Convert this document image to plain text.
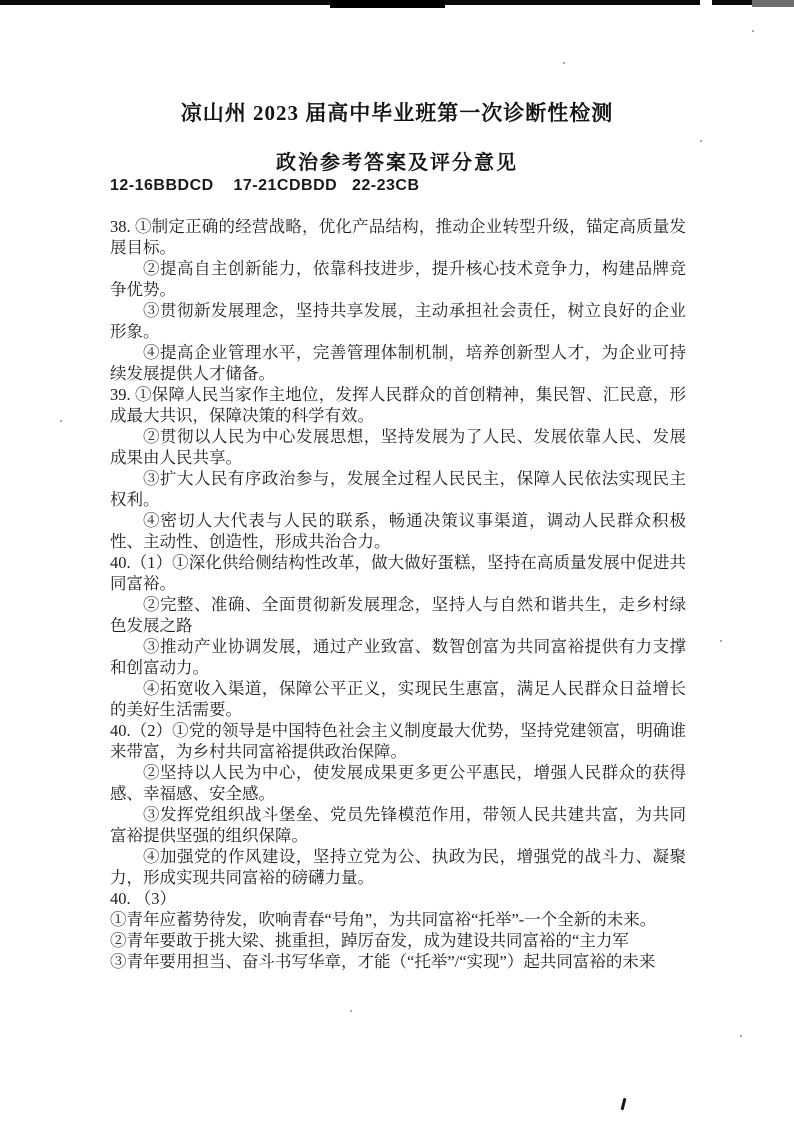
凉山州 2023 届高中毕业班第一次诊断性检测
政治参考答案及评分意见
12-16BBDCD    17-21CDBDD   22-23CB

38. ①制定正确的经营战略，优化产品结构，推动企业转型升级，锚定高质量发展目标。

②提高自主创新能力，依靠科技进步，提升核心技术竞争力，构建品牌竞争优势。

③贯彻新发展理念，坚持共享发展，主动承担社会责任，树立良好的企业形象。

④提高企业管理水平，完善管理体制机制，培养创新型人才，为企业可持续发展提供人才储备。

39. ①保障人民当家作主地位，发挥人民群众的首创精神，集民智、汇民意，形成最大共识，保障决策的科学有效。

②贯彻以人民为中心发展思想，坚持发展为了人民、发展依靠人民、发展成果由人民共享。

③扩大人民有序政治参与，发展全过程人民民主，保障人民依法实现民主权利。

④密切人大代表与人民的联系，畅通决策议事渠道，调动人民群众积极性、主动性、创造性，形成共治合力。

40.（1）①深化供给侧结构性改革，做大做好蛋糕，坚持在高质量发展中促进共同富裕。

②完整、准确、全面贯彻新发展理念，坚持人与自然和谐共生，走乡村绿色发展之路

③推动产业协调发展，通过产业致富、数智创富为共同富裕提供有力支撑和创富动力。

④拓宽收入渠道，保障公平正义，实现民生惠富，满足人民群众日益增长的美好生活需要。

40.（2）①党的领导是中国特色社会主义制度最大优势，坚持党建领富，明确谁来带富，为乡村共同富裕提供政治保障。

②坚持以人民为中心，使发展成果更多更公平惠民，增强人民群众的获得感、幸福感、安全感。

③发挥党组织战斗堡垒、党员先锋模范作用，带领人民共建共富，为共同富裕提供坚强的组织保障。

④加强党的作风建设，坚持立党为公、执政为民，增强党的战斗力、凝聚力，形成实现共同富裕的磅礴力量。

40. （3）

①青年应蓄势待发，吹响青春“号角”，为共同富裕“托举”-一个全新的未来。

②青年要敢于挑大梁、挑重担，踔厉奋发，成为建设共同富裕的“主力军

③青年要用担当、奋斗书写华章，才能（“托举”/“实现”）起共同富裕的未来
